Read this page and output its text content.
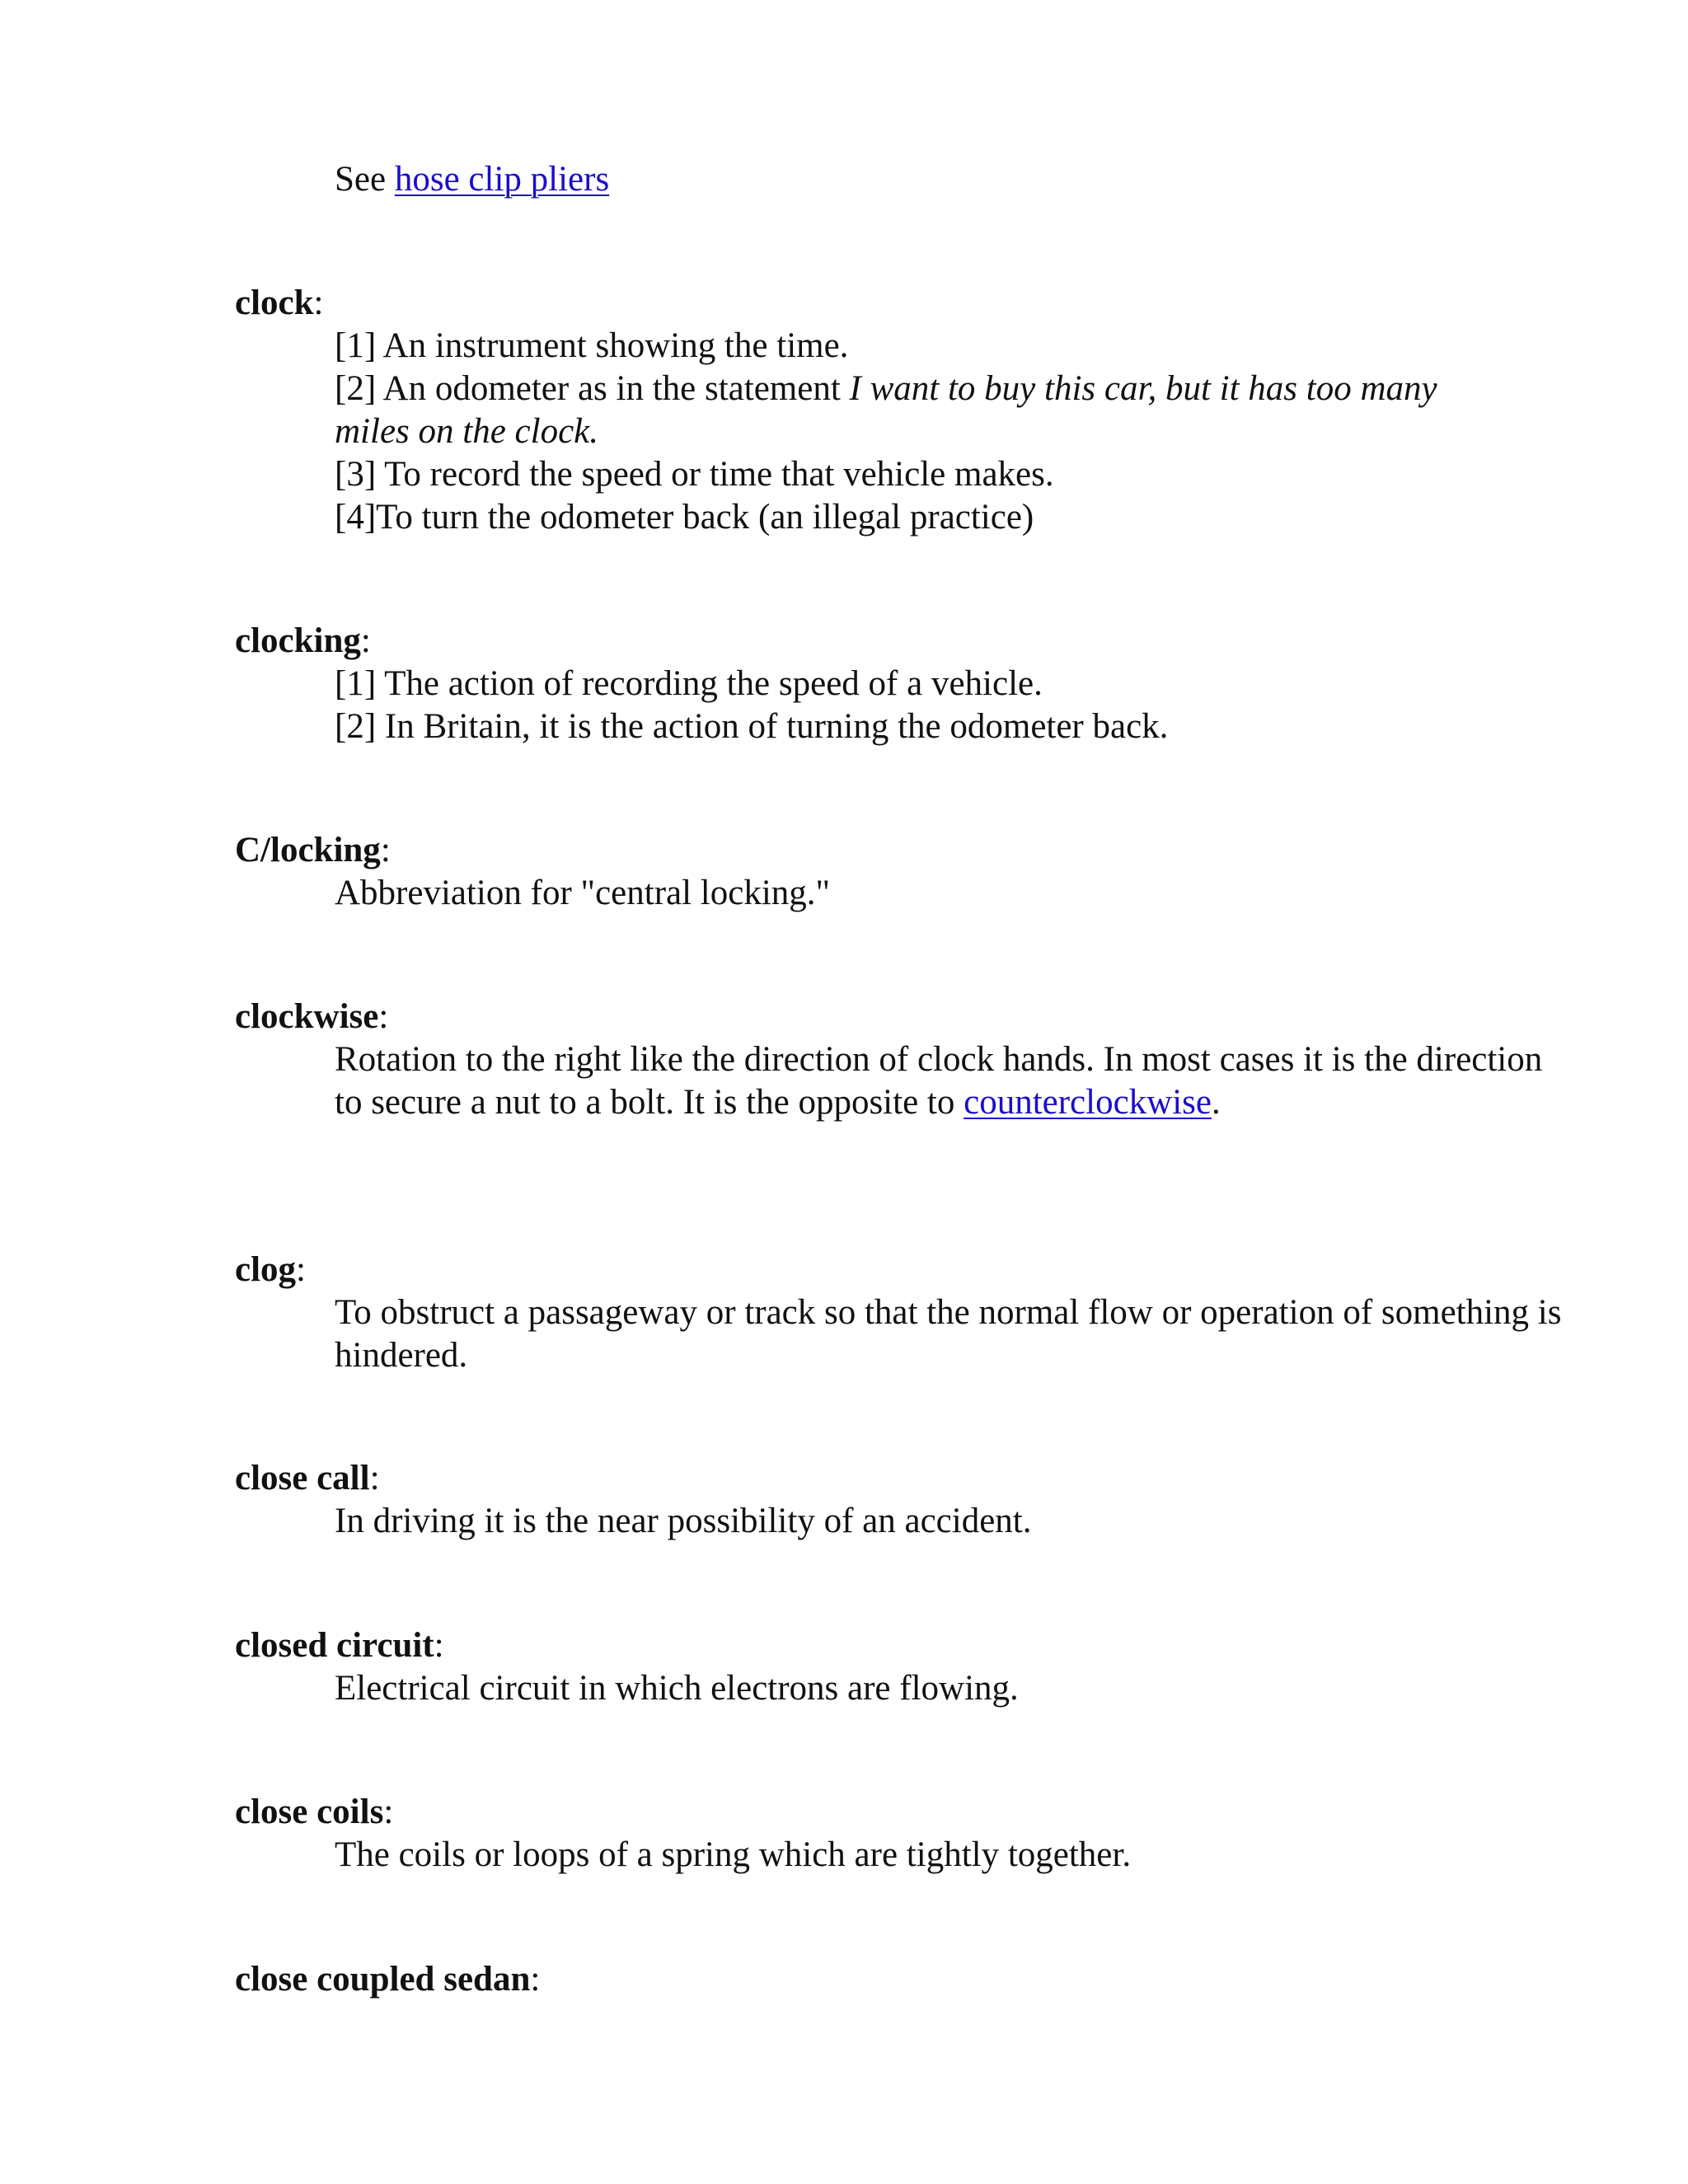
See hose clip pliers
clock:
[1] An instrument showing the time.
[2] An odometer as in the statement I want to buy this car, but it has too many miles on the clock.
[3] To record the speed or time that vehicle makes.
[4]To turn the odometer back (an illegal practice)
clocking:
[1] The action of recording the speed of a vehicle.
[2] In Britain, it is the action of turning the odometer back.
C/locking:
Abbreviation for "central locking."
clockwise:
Rotation to the right like the direction of clock hands. In most cases it is the direction to secure a nut to a bolt. It is the opposite to counterclockwise.
clog:
To obstruct a passageway or track so that the normal flow or operation of something is hindered.
close call:
In driving it is the near possibility of an accident.
closed circuit:
Electrical circuit in which electrons are flowing.
close coils:
The coils or loops of a spring which are tightly together.
close coupled sedan:
